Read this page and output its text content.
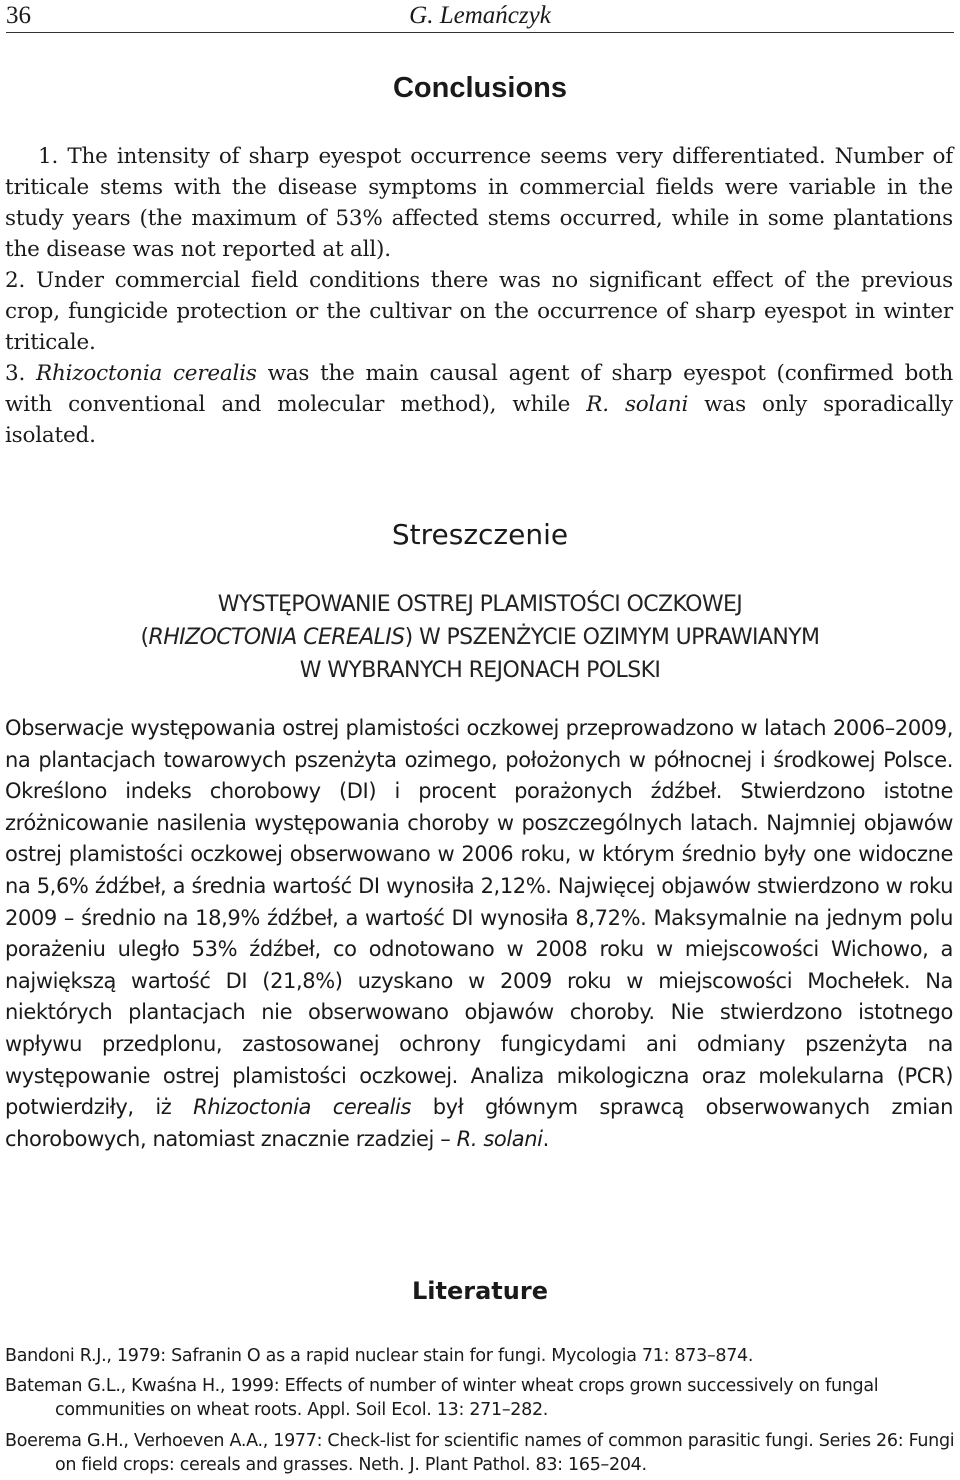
36	G. Lemańczyk
Conclusions

1. The intensity of sharp eyespot occurrence seems very differentiated. Number of triticale stems with the disease symptoms in commercial fields were variable in the study years (the maximum of 53% affected stems occurred, while in some plantations the disease was not reported at all).

2. Under commercial field conditions there was no significant effect of the previous crop, fungicide protection or the cultivar on the occurrence of sharp eyespot in winter triticale.

3. Rhizoctonia cerealis was the main causal agent of sharp eyespot (confirmed both with conventional and molecular method), while R. solani was only sporadically isolated.

Streszczenie
WYSTĘPOWANIE OSTREJ PLAMISTOŚCI OCZKOWEJ
(RHIZOCTONIA CEREALIS) W PSZENŻYCIE OZIMYM UPRAWIANYM
W WYBRANYCH REJONACH POLSKI

Obserwacje występowania ostrej plamistości oczkowej przeprowadzono w latach 2006–2009, na plantacjach towarowych pszenżyta ozimego, położonych w północnej i środkowej Polsce. Określono indeks chorobowy (DI) i procent porażonych źdźbeł. Stwierdzono istotne zróżnicowanie nasilenia występowania choroby w poszczególnych latach. Najmniej objawów ostrej plamistości oczkowej obserwowano w 2006 roku, w którym średnio były one widoczne na 5,6% źdźbeł, a średnia wartość DI wynosiła 2,12%. Najwięcej objawów stwierdzono w roku 2009 – średnio na 18,9% źdźbeł, a wartość DI wynosiła 8,72%. Maksymalnie na jednym polu porażeniu uległo 53% źdźbeł, co odnotowano w 2008 roku w miejscowości Wichowo, a największą wartość DI (21,8%) uzyskano w 2009 roku w miejscowości Mochełek. Na niektórych plantacjach nie obserwowano objawów choroby. Nie stwierdzono istotnego wpływu przedplonu, zastosowanej ochrony fungicydami ani odmiany pszenżyta na występowanie ostrej plamistości oczkowej. Analiza mikologiczna oraz molekularna (PCR) potwierdziły, iż Rhizoctonia cerealis był głównym sprawcą obserwowanych zmian chorobowych, natomiast znacznie rzadziej – R. solani.

Literature

Bandoni R.J., 1979: Safranin O as a rapid nuclear stain for fungi. Mycologia 71: 873–874.

Bateman G.L., Kwaśna H., 1999: Effects of number of winter wheat crops grown successively on fungal communities on wheat roots. Appl. Soil Ecol. 13: 271–282.

Boerema G.H., Verhoeven A.A., 1977: Check-list for scientific names of common parasitic fungi. Series 26: Fungi on field crops: cereals and grasses. Neth. J. Plant Pathol. 83: 165–204.
